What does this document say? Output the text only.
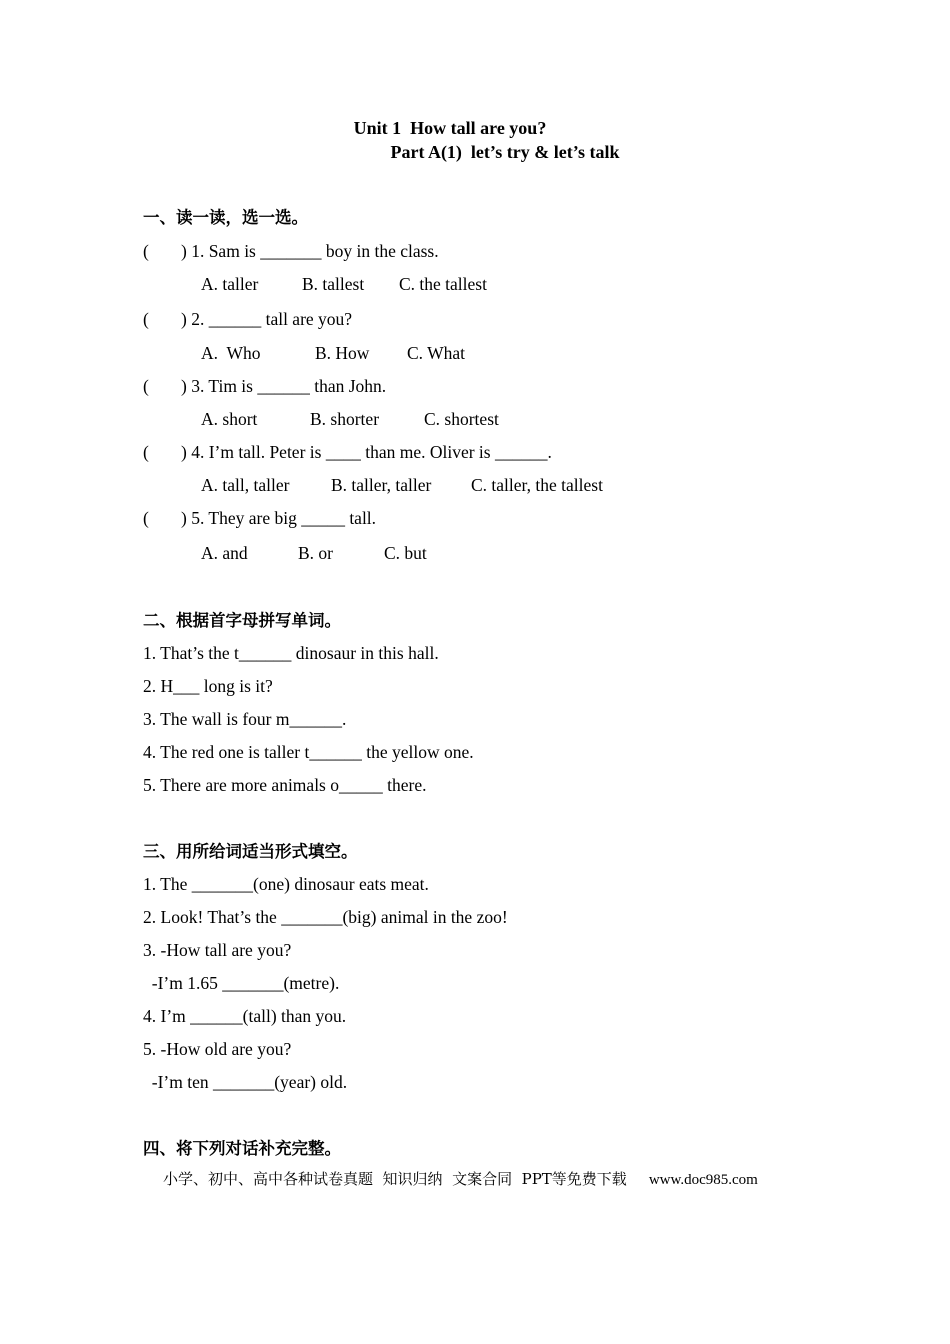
Unit 1  How tall are you?
Part A(1)  let’s try & let’s talk
一、读一读，选一选。
( ) 1. Sam is _______ boy in the class.
A. taller B. tallest C. the tallest
( ) 2. ______ tall are you?
A.  Who	B. How C. What
( ) 3. Tim is ______ than John.
A. short	B. shorter	C. shortest
( ) 4. I’m tall. Peter is ____ than me. Oliver is ______.
A. tall, taller B. taller, taller C. taller, the tallest
( ) 5. They are big _____ tall.
A. and	B. or	C. but
二、根据首字母拼写单词。
1. That’s the t______ dinosaur in this hall.
2. H___ long is it?
3. The wall is four m______.
4. The red one is taller t______ the yellow one.
5. There are more animals o_____ there.
三、用所给词适当形式填空。
1. The _______(one) dinosaur eats meat.
2. Look! That’s the _______(big) animal in the zoo!
3. -How tall are you?
-I’m 1.65 _______(metre).
4. I’m ______(tall) than you.
5. -How old are you?
-I’m ten _______(year) old.
四、将下列对话补充完整。
小学、初中、高中各种试卷真题  知识归纳  文案合同  PPT等免费下载 www.doc985.com
